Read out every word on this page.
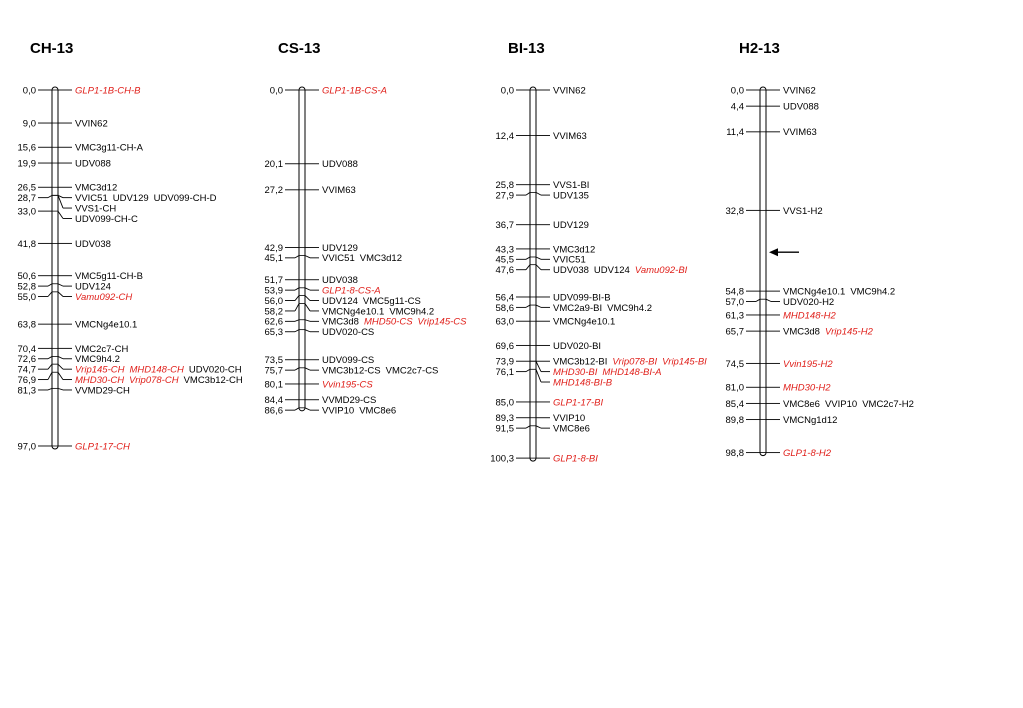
CH-13
0,0
9,0
15,6
19,9
26,5
28,7
33,0
41,8
50,6
52,8
55,0
63,8
70,4
72,6
74,7
76,9
81,3
97,0
GLP1-1B-CH-B
VVIN62
VMC3g11-CH-A
UDV088
VMC3d12
VVIC51 UDV129 UDV099-CH-D
VVS1-CH
UDV099-CH-C
UDV038
VMC5g11-CH-B
UDV124
Vamu092-CH
VMCNg4e10.1
VMC2c7-CH
VMC9h4.2
Vrip145-CH MHD148-CH UDV020-CH
MHD30-CH Vrip078-CH VMC3b12-CH
VVMD29-CH
GLP1-17-CH
CS-13
0,0
20,1
27,2
42,9
45,1
51,7
53,9
56,0
58,2
62,6
65,3
73,5
75,7
80,1
84,4
86,6
GLP1-1B-CS-A
UDV088
VVIM63
UDV129
VVIC51 VMC3d12
UDV038
GLP1-8-CS-A
UDV124 VMC5g11-CS
VMCNg4e10.1 VMC9h4.2
VMC3d8 MHD50-CS Vrip145-CS
UDV020-CS
UDV099-CS
VMC3b12-CS VMC2c7-CS
Vvin195-CS
VVMD29-CS
VVIP10 VMC8e6
BI-13
0,0
12,4
25,8
27,9
36,7
43,3
45,5
47,6
56,4
58,6
63,0
69,6
73,9
76,1
85,0
89,3
91,5
100,3
VVIN62
VVIM63
VVS1-BI
UDV135
UDV129
VMC3d12
VVIC51
UDV038 UDV124 Vamu092-BI
UDV099-BI-B
VMC2a9-BI VMC9h4.2
VMCNg4e10.1
UDV020-BI
VMC3b12-BI Vrip078-BI Vrip145-BI
MHD30-BI MHD148-BI-A
MHD148-BI-B
GLP1-17-BI
VVIP10
VMC8e6
GLP1-8-BI
H2-13
0,0
4,4
11,4
32,8
54,8
57,0
61,3
65,7
74,5
81,0
85,4
89,8
98,8
VVIN62
UDV088
VVIM63
VVS1-H2
VMCNg4e10.1 VMC9h4.2
UDV020-H2
MHD148-H2
VMC3d8 Vrip145-H2
Vvin195-H2
MHD30-H2
VMC8e6 VVIP10 VMC2c7-H2
VMCNg1d12
GLP1-8-H2
